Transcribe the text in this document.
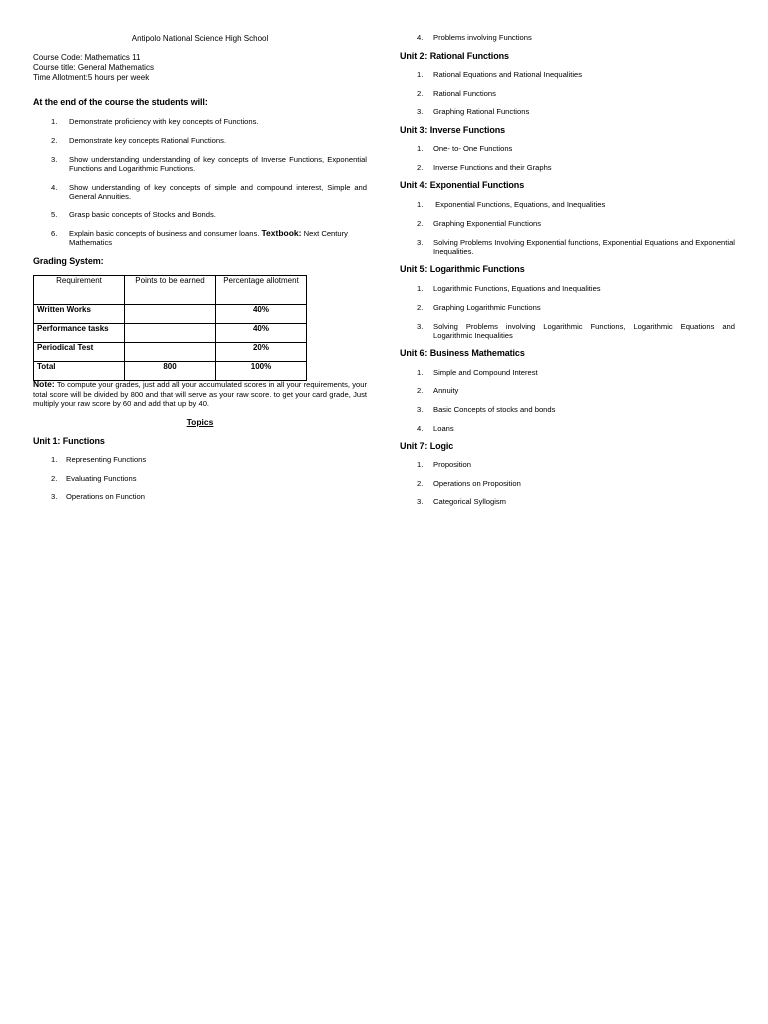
Antipolo National Science High School
Course Code: Mathematics 11
Course title: General Mathematics
Time Allotment:5 hours per week
At the end of the course the students will:
1. Demonstrate proficiency with key concepts of Functions.
2. Demonstrate key concepts Rational Functions.
3. Show understanding understanding of key concepts of Inverse Functions, Exponential Functions and Logarithmic Functions.
4. Show understanding of key concepts of simple and compound interest, Simple and General Annuities.
5. Grasp basic concepts of Stocks and Bonds.
6. Explain basic concepts of business and consumer loans. Textbook: Next Century Mathematics
Grading System:
Requirement	Points to be earned	Percentage allotment
Written Works		40%
Performance tasks		40%
Periodical Test		20%
Total	800	100%
Note: To compute your grades, just add all your accumulated scores in all your requirements, your total score will be divided by 800 and that will serve as your raw score. to get your card grade, Just multiply your raw score by 60 and add that up by 40.
Topics
Unit 1: Functions
1. Representing Functions
2. Evaluating Functions
3. Operations on Function
4. Problems involving Functions
Unit 2: Rational Functions
1. Rational Equations and Rational Inequalities
2. Rational Functions
3. Graphing Rational Functions
Unit 3: Inverse Functions
1. One- to- One Functions
2. Inverse Functions and their Graphs
Unit 4: Exponential Functions
1. Exponential Functions, Equations, and Inequalities
2. Graphing Exponential Functions
3. Solving Problems Involving Exponential functions, Exponential Equations and Exponential Inequalities.
Unit 5: Logarithmic Functions
1. Logarithmic Functions, Equations and Inequalities
2. Graphing Logarithmic Functions
3. Solving Problems involving Logarithmic Functions, Logarithmic Equations and Logarithmic Inequalities
Unit 6: Business Mathematics
1. Simple and Compound Interest
2. Annuity
3. Basic Concepts of stocks and bonds
4. Loans
Unit 7: Logic
1. Proposition
2. Operations on Proposition
3. Categorical Syllogism
